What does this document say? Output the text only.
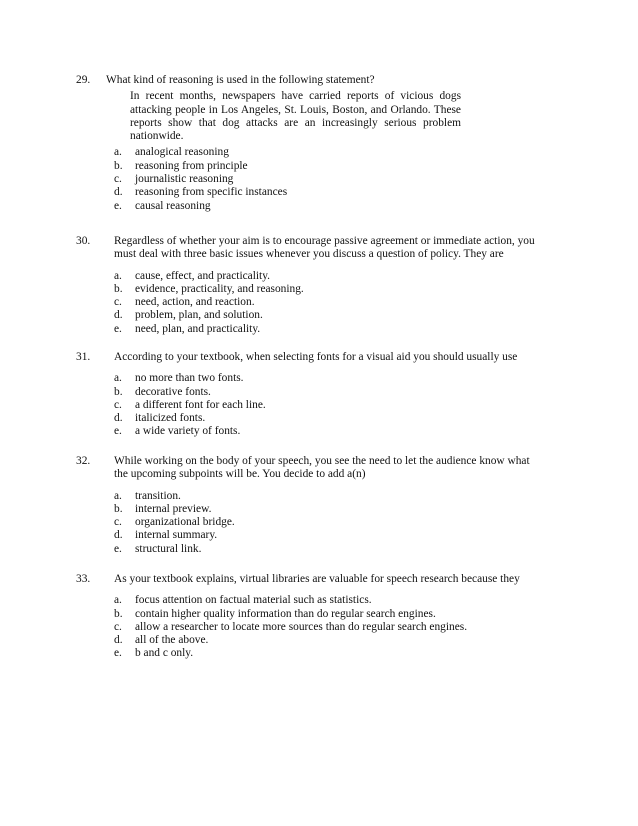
29. What kind of reasoning is used in the following statement?
In recent months, newspapers have carried reports of vicious dogs attacking people in Los Angeles, St. Louis, Boston, and Orlando. These reports show that dog attacks are an increasingly serious problem nationwide.
a. analogical reasoning
b. reasoning from principle
c. journalistic reasoning
d. reasoning from specific instances
e. causal reasoning
30. Regardless of whether your aim is to encourage passive agreement or immediate action, you must deal with three basic issues whenever you discuss a question of policy. They are
a. cause, effect, and practicality.
b. evidence, practicality, and reasoning.
c. need, action, and reaction.
d. problem, plan, and solution.
e. need, plan, and practicality.
31. According to your textbook, when selecting fonts for a visual aid you should usually use
a. no more than two fonts.
b. decorative fonts.
c. a different font for each line.
d. italicized fonts.
e. a wide variety of fonts.
32. While working on the body of your speech, you see the need to let the audience know what the upcoming subpoints will be. You decide to add a(n)
a. transition.
b. internal preview.
c. organizational bridge.
d. internal summary.
e. structural link.
33. As your textbook explains, virtual libraries are valuable for speech research because they
a. focus attention on factual material such as statistics.
b. contain higher quality information than do regular search engines.
c. allow a researcher to locate more sources than do regular search engines.
d. all of the above.
e. b and c only.
